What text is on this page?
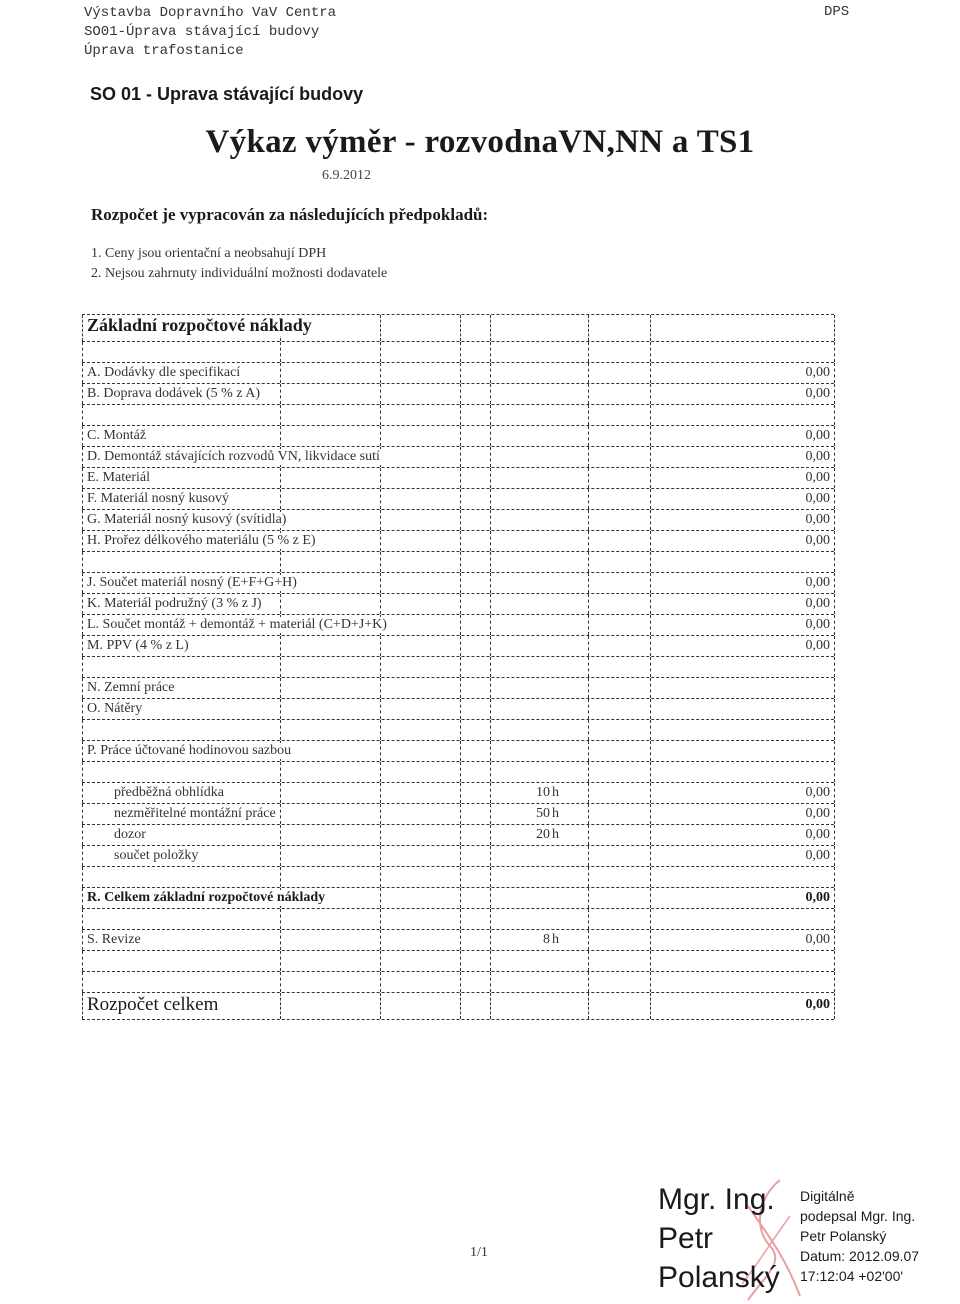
Výstavba Dopravního VaV Centra
SO01-Úprava stávající budovy
Úprava trafostanice
DPS
SO 01 - Uprava stávající budovy
Výkaz výměr - rozvodnaVN,NN a TS1
6.9.2012
Rozpočet je vypracován za následujících předpokladů:
1. Ceny jsou orientační a neobsahují DPH
2. Nejsou zahrnuty individuální možnosti dodavatele
Základní rozpočtové náklady
A. Dodávky dle specifikací	0,00
B. Doprava dodávek (5 % z A)	0,00
C. Montáž	0,00
D. Demontáž stávajících rozvodů VN, likvidace sutí	0,00
E. Materiál	0,00
F. Materiál nosný kusový	0,00
G. Materiál nosný kusový (svítidla)	0,00
H. Prořez délkového materiálu (5 % z E)	0,00
J. Součet materiál nosný (E+F+G+H)	0,00
K. Materiál podružný (3 % z J)	0,00
L. Součet montáž + demontáž + materiál (C+D+J+K)	0,00
M. PPV (4 % z L)	0,00
N. Zemní práce
O. Nátěry
P. Práce účtované hodinovou sazbou
předběžná obhlídka	10 h	0,00
nezměřitelné montážní práce	50 h	0,00
dozor	20 h	0,00
součet položky	0,00
R. Celkem základní rozpočtové náklady	0,00
S. Revize	8 h	0,00
Rozpočet celkem	0,00
1/1
Mgr. Ing.
Petr
Polanský
Digitálně
podepsal Mgr. Ing.
Petr Polanský
Datum: 2012.09.07
17:12:04 +02'00'
